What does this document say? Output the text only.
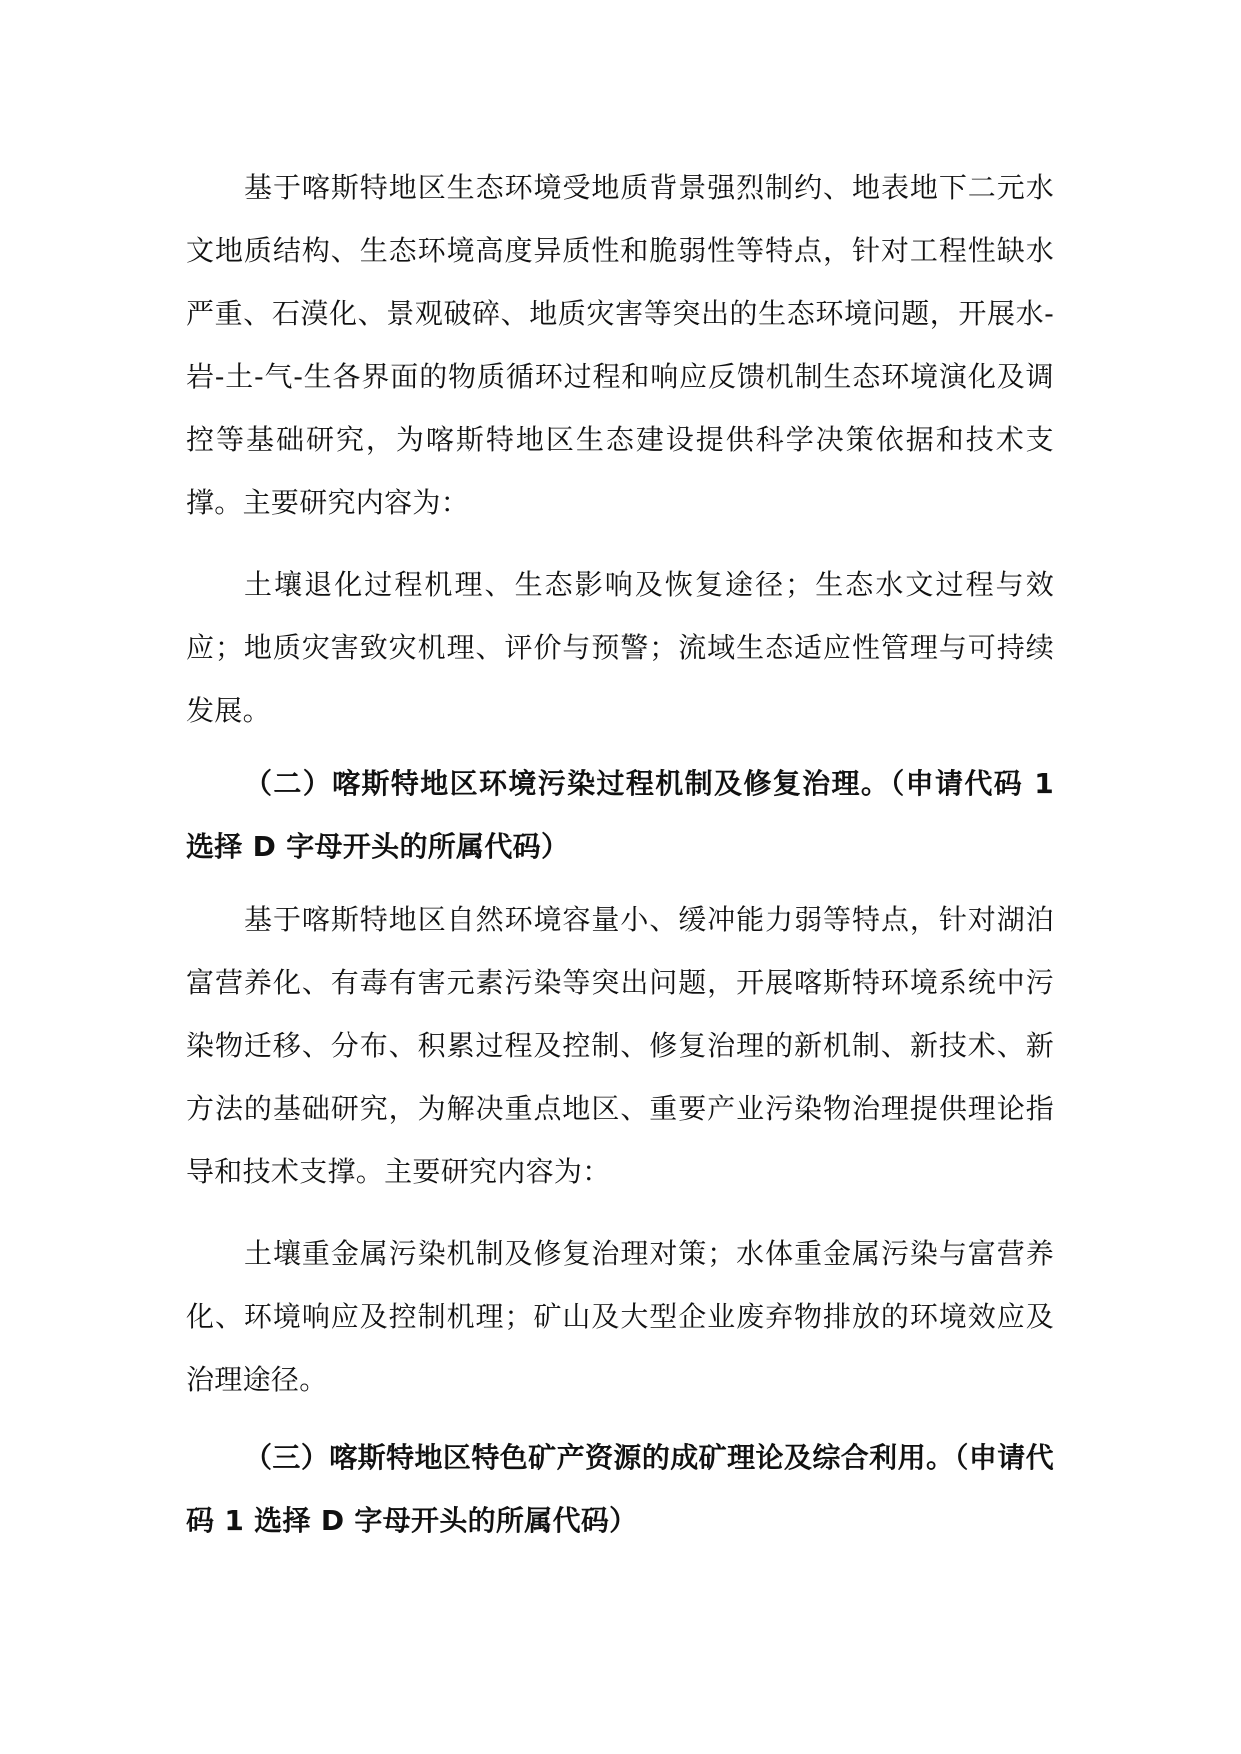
基于喀斯特地区生态环境受地质背景强烈制约、地表地下二元水文地质结构、生态环境高度异质性和脆弱性等特点，针对工程性缺水严重、石漠化、景观破碎、地质灾害等突出的生态环境问题，开展水-岩-土-气-生各界面的物质循环过程和响应反馈机制生态环境演化及调控等基础研究，为喀斯特地区生态建设提供科学决策依据和技术支撑。主要研究内容为：

土壤退化过程机理、生态影响及恢复途径；生态水文过程与效应；地质灾害致灾机理、评价与预警；流域生态适应性管理与可持续发展。

（二）喀斯特地区环境污染过程机制及修复治理。（申请代码 1 选择 D 字母开头的所属代码）

基于喀斯特地区自然环境容量小、缓冲能力弱等特点，针对湖泊富营养化、有毒有害元素污染等突出问题，开展喀斯特环境系统中污染物迁移、分布、积累过程及控制、修复治理的新机制、新技术、新方法的基础研究，为解决重点地区、重要产业污染物治理提供理论指导和技术支撑。主要研究内容为：

土壤重金属污染机制及修复治理对策；水体重金属污染与富营养化、环境响应及控制机理；矿山及大型企业废弃物排放的环境效应及治理途径。

（三）喀斯特地区特色矿产资源的成矿理论及综合利用。（申请代码 1 选择 D 字母开头的所属代码）
